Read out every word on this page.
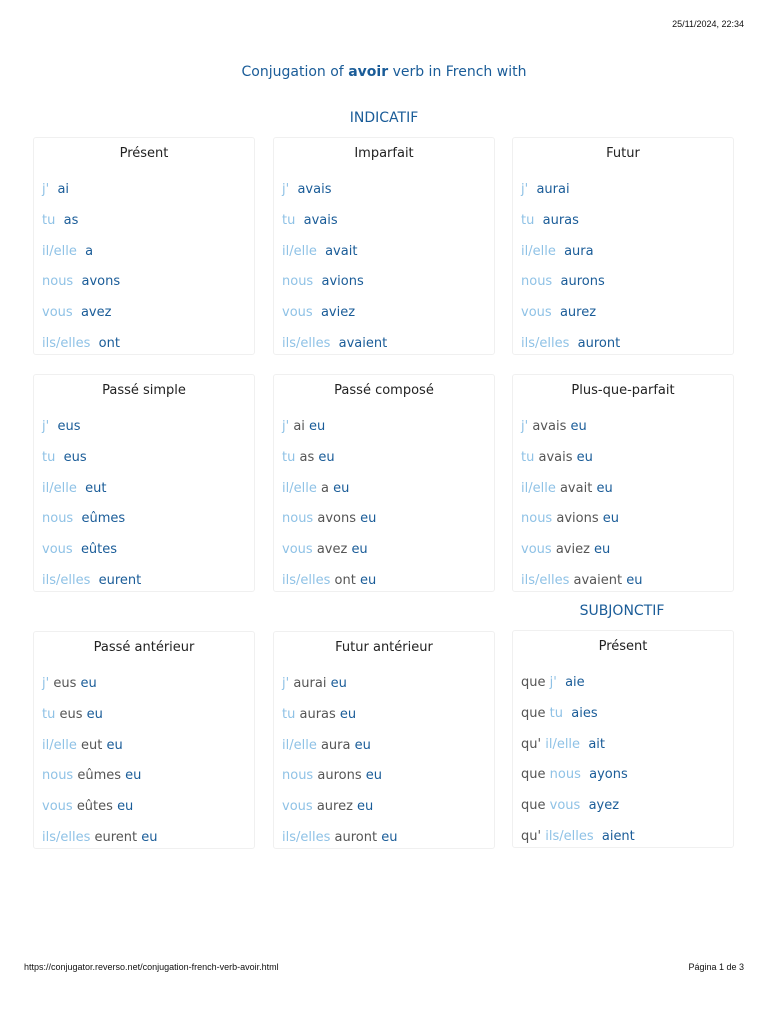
25/11/2024, 22:34
Conjugation of avoir verb in French with
INDICATIF
SUBJONCTIF
Présent
j' ai
tu as
il/elle a
nous avons
vous avez
ils/elles ont
Imparfait
j' avais
tu avais
il/elle avait
nous avions
vous aviez
ils/elles avaient
Futur
j' aurai
tu auras
il/elle aura
nous aurons
vous aurez
ils/elles auront
Passé simple
j' eus
tu eus
il/elle eut
nous eûmes
vous eûtes
ils/elles eurent
Passé composé
j' ai eu
tu as eu
il/elle a eu
nous avons eu
vous avez eu
ils/elles ont eu
Plus-que-parfait
j' avais eu
tu avais eu
il/elle avait eu
nous avions eu
vous aviez eu
ils/elles avaient eu
Passé antérieur
j' eus eu
tu eus eu
il/elle eut eu
nous eûmes eu
vous eûtes eu
ils/elles eurent eu
Futur antérieur
j' aurai eu
tu auras eu
il/elle aura eu
nous aurons eu
vous aurez eu
ils/elles auront eu
Présent
que j' aie
que tu aies
qu' il/elle ait
que nous ayons
que vous ayez
qu' ils/elles aient
https://conjugator.reverso.net/conjugation-french-verb-avoir.html	Página 1 de 3
